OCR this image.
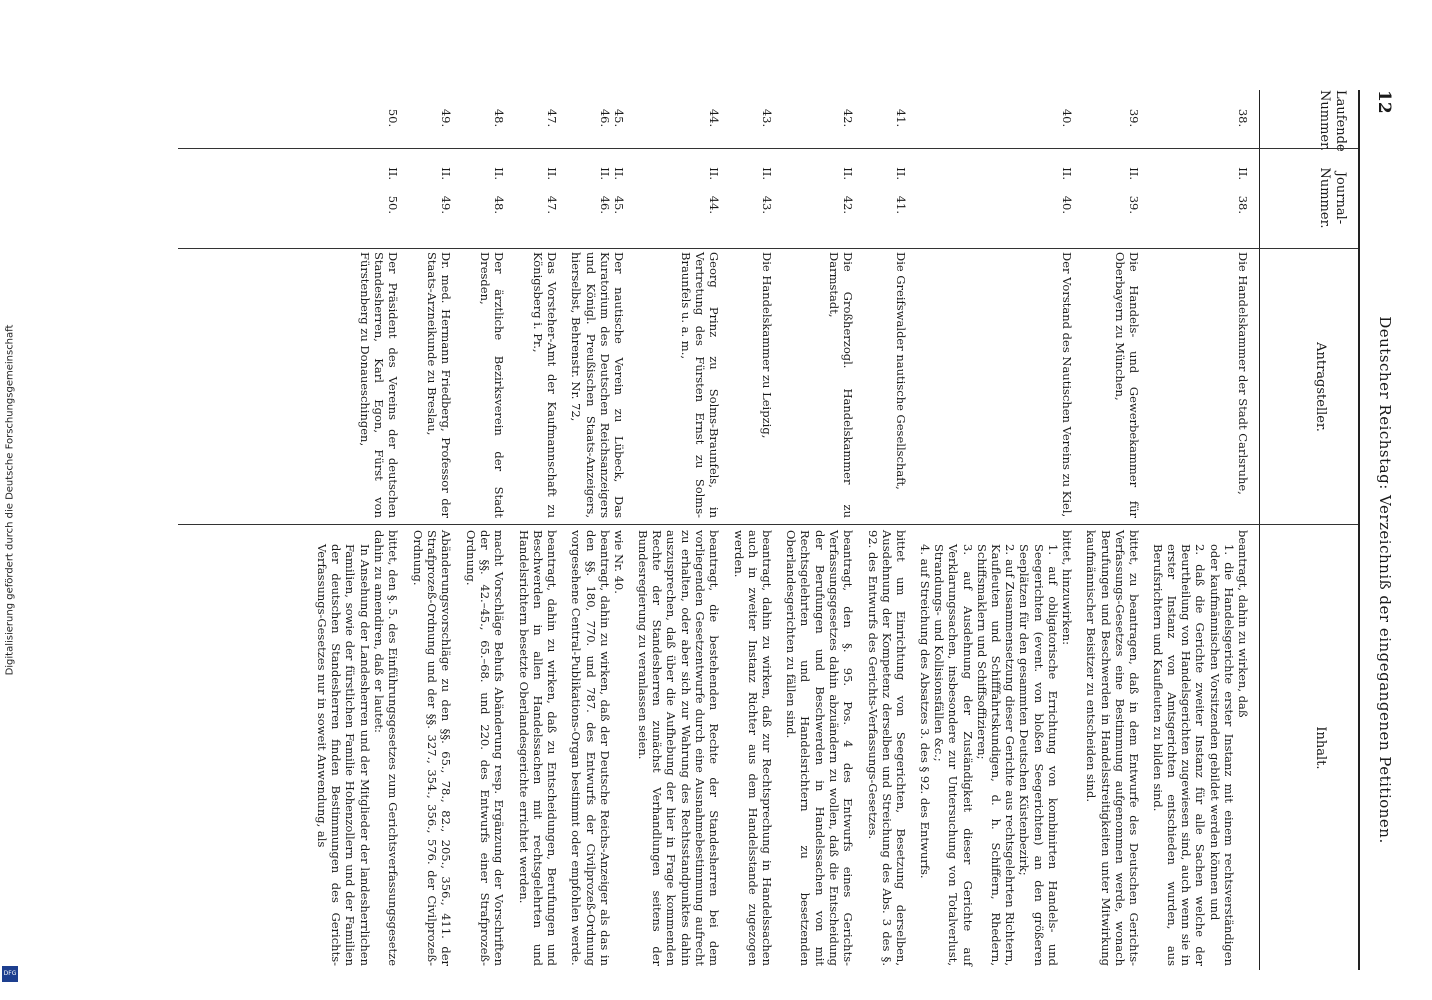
Digitalisierung gefördert durch die Deutsche Forschungsgemeinschaft
DFG
12
Deutscher Reichstag: Verzeichniß der eingegangenen Petitionen.
Laufende Nummer.
Journal-Nummer.
Antragsteller.
Inhalt.
38.
II.38.
Die Handelskammer der Stadt Carlsruhe,

beantragt, dahin zu wirken, daß

1. die Handelsgerichte erster Instanz mit einem rechtsverständigen oder kaufmännischen Vorsitzenden gebildet werden können und

2. daß die Gerichte zweiter Instanz für alle Sachen welche der Beurtheilung von Handelsgerichten zugewiesen sind, auch wenn sie in erster Instanz von Amtsgerichten entschieden wurden, aus Berufsrichtern und Kaufleuten zu bilden sind.

39.
II.39.
Die Handels- und Gewerbekammer für Oberbayern zu München,

bittet, zu beantragen, daß in dem Entwurfe des Deutschen Gerichts-Verfassungs-Gesetzes eine Bestimmung aufgenommen werde, wonach Berufungen und Beschwerden in Handelsstreitigkeiten unter Mitwirkung kaufmännischer Beisitzer zu entscheiden sind.

40.
II.40.
Der Vorstand des Nautischen Vereins zu Kiel,

bittet, hinzuwirken:

1. auf obligatorische Errichtung von kombinirten Handels- und Seegerichten (event. von bloßen Seegerichten) an den größeren Seeplätzen für den gesammten Deutschen Küstenbezirk;

2. auf Zusammensetzung dieser Gerichte aus rechtsgelehrten Richtern, Kaufleuten und Schifffahrtskundigen, d. h. Schiffern, Rhedern, Schiffsmaklern und Schiffsoffizieren;

3. auf Ausdehnung der Zuständigkeit dieser Gerichte auf Verklarungssachen, insbesondere zur Untersuchung von Totalverlust, Strandungs- und Kollisionsfällen &c.;

4. auf Streichung des Absatzes 3. des § 92. des Entwurfs.

41.
II.41.
Die Greifswalder nautische Gesellschaft,

bittet um Einrichtung von Seegerichten, Besetzung derselben, Ausdehnung der Kompetenz derselben und Streichung des Abs. 3 des §. 92. des Entwurfs des Gerichts-Verfassungs-Gesetzes.

42.
II.42.
Die Großherzogl. Handelskammer zu Darmstadt,

beantragt, den §. 95. Pos. 4 des Entwurfs eines Gerichts-Verfassungsgesetzes dahin abzuändern zu wollen, daß die Entscheidung der Berufungen und Beschwerden in Handelssachen von mit Rechtsgelehrten und Handelsrichtern zu besetzenden Oberlandesgerichten zu fällen sind.

43.
II.43.
Die Handelskammer zu Leipzig,

beantragt, dahin zu wirken, daß zur Rechtsprechung in Handelssachen auch in zweiter Instanz Richter aus dem Handelsstande zugezogen werden.

44.
II.44.
Georg Prinz zu Solms-Braunfels, in Vertretung des Fürsten Ernst zu Solms-Braunfels u. a. m.,

beantragt, die bestehenden Rechte der Standesherren bei dem vorliegenden Gesetzentwurfe durch eine Ausnahmebestimmung aufrecht zu erhalten, oder aber sich zur Wahrung des Rechtsstandpunktes dahin auszusprechen, daß über die Aufhebung der hier in Frage kommenden Rechte der Standesherren zunächst Verhandlungen seitens der Bundesregierung zu veranlassen seien.

45.
46.
II.
II.45.
46.
Der nautische Verein zu Lübeck, Das Kuratorium des Deutschen Reichsanzeigers und Königl. Preußischen Staats-Anzeigers, hierselbst, Behrenstr. Nr. 72,

wie Nr. 40.

beantragt, dahin zu wirken, daß der Deutsche Reichs-Anzeiger als das in den §§. 180, 770. und 787. des Entwurfs der Civilprozeß-Ordnung vorgesehene Central-Publikations-Organ bestimmt oder empfohlen werde.

47.
II.47.
Das Vorsteher-Amt der Kaufmannschaft zu Königsberg i. Pr.,

beantragt, dahin zu wirken, daß zu Entscheidungen, Berufungen und Beschwerden in allen Handelssachen mit rechtsgelehrten und Handelsrichtern besetzte Oberlandesgerichte errichtet werden.

48.
II.48.
Der ärztliche Bezirksverein der Stadt Dresden,

macht Vorschläge Behufs Abänderung resp. Ergänzung der Vorschriften der §§. 42.–45., 65.–68. und 220. des Entwurfs einer Strafprozeß-Ordnung.

49.
II.49.
Dr. med. Hermann Friedberg, Professor der Staats-Arzneikunde zu Breslau,

Abänderungsvorschläge zu den §§. 65., 78., 82., 205., 356., 411. der Strafprozeß-Ordnung und der §§. 327., 354., 356., 576. der Civilprozeß-Ordnung.

50.
II.50.
Der Präsident des Vereins der deutschen Standesherren, Karl Egon, Fürst von Fürstenberg zu Donaueschingen,

bittet, den §. 5. des Einführungsgesetzes zum Gerichtsverfassungsgesetze dahin zu amendiren, daß er lautet:

In Ansehung der Landesherren und der Mitglieder der landesherrlichen Familien, sowie der fürstlichen Familie Hohenzollern und der Familien der deutschen Standesherren finden Bestimmungen des Gerichts-Verfassungs-Gesetzes nur in soweit Anwendung, als
